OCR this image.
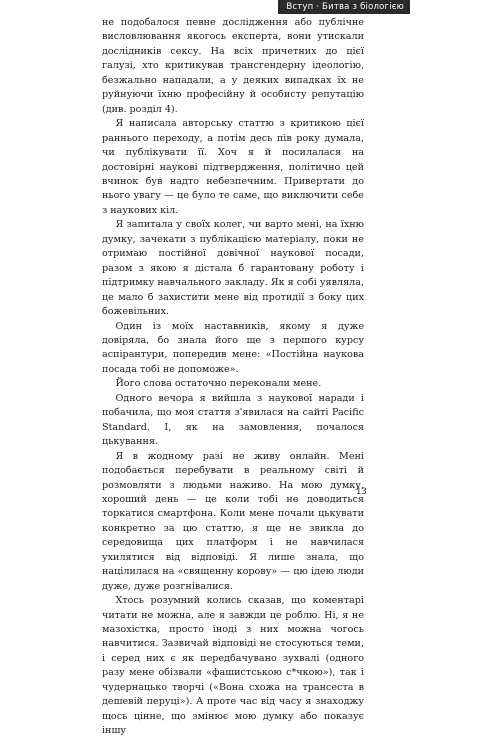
Вступ · Битва з біологією

не подобалося певне дослідження або публічне висловлювання якогось експерта, вони утискали дослідників сексу. На всіх причетних до цієї галузі, хто критикував трансгендерну ідеологію, безжально нападали, а у деяких випадках їх не руйнуючи їхню професійну й особисту репутацію (див. розділ 4).

Я написала авторську статтю з критикою цієї раннього переходу, а потім десь пів року думала, чи публікувати її. Хоч я й посилалася на достовірні наукові підтвердження, політично цей вчинок був надто небезпечним. Привертати до нього увагу — це було те саме, що виключити себе з наукових кіл.

Я запитала у своїх колег, чи варто мені, на їхню думку, зачекати з публікацією матеріалу, поки не отримаю постійної довічної наукової посади, разом з якою я дістала б гарантовану роботу і підтримку навчального закладу. Як я собі уявляла, це мало б захистити мене від протидії з боку цих божевільних.

Один із моїх наставників, якому я дуже довіряла, бо знала його ще з першого курсу аспірантури, попередив мене: «Постійна наукова посада тобі не допоможе».

Його слова остаточно переконали мене.

Одного вечора я вийшла з наукової наради і побачила, що моя стаття з'явилася на сайті Pacific Standard. І, як на замовлення, почалося цькування.

Я в жодному разі не живу онлайн. Мені подобається перебувати в реальному світі й розмовляти з людьми наживо. На мою думку, хороший день — це коли тобі не доводиться торкатися смартфона. Коли мене почали цькувати конкретно за цю статтю, я ще не звикла до середовища цих платформ і не навчилася ухилятися від відповіді. Я лише знала, що націлилася на «священну корову» — цю ідею люди дуже, дуже розгнівалися.

Хтось розумний колись сказав, що коментарі читати не можна, але я завжди це роблю. Ні, я не мазохістка, просто іноді з них можна чогось навчитися. Зазвичай відповіді не стосуються теми, і серед них є як передбачувано зухвалі (одного разу мене обізвали «фашистською с*чкою»), так і чудернацько творчі («Вона схожа на трансеста в дешевій перуці»). А проте час від часу я знаходжу щось цінне, що змінює мою думку або показує іншу

13
